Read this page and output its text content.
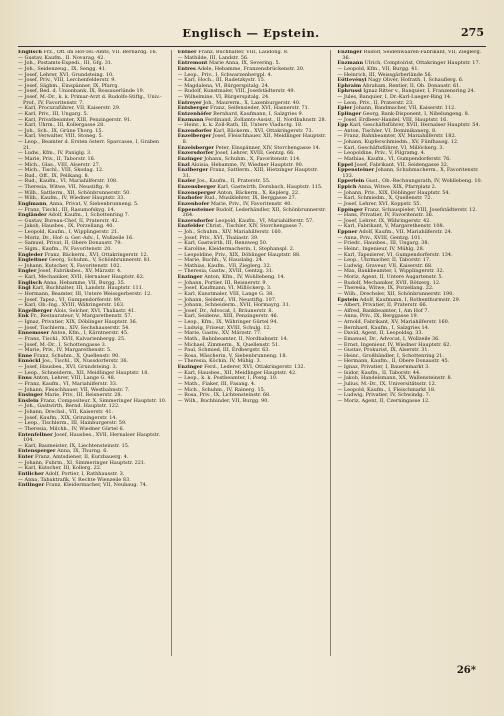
Englisch — Epstein.	275
Englisch Frz., Off. im Hof-Tel.-Amts, VII. Bernardg. 16.
— Gustav, Kaufm., II. Novarag. 42.
— Joh., Postamts-Expedi., III, Gfg. 31.
— Joh., Seidenzeug., IX, Sengg. 41.
— Josef, Lehrer, XVI, Grundsteing. 10.
— Josef, Priv., VIII, Lerchenfelderstr. 9.
— Josef, Sägbm., Einspänner, IX, Pfarrg.
— Josef, Bed. d. Unionbank, IX, Rossauerlände 19.
— Josef, M.-Dr., k. k. Primar-Arzt d. Rudolfs-Stiftg., Univ.-Prof., IV, Favoritenstr. 7.
— Karl, Procuraführer, VII, Kaiserstr. 29.
— Karl, Priv., III, Ungarg. 5.
— Karl, Privatbeamter, XIII, Penzingerstr. 91.
— Karl, Uhrm., III, Kollergasse 28.
— Joh., Sch., IX, Grüne Thorg. 15.
— Karl, Verwalter, VIII, Stoneg. 5.
— Leop., Beamter d. Ersten österr. Sparcasse, I, Graben 21.
— Ludw., Kfm., IV, Paniglg. 3.
— Marie, Priv., II, Taborstr. 16.
— Mich., Glas., VIII, Alserstr. 27.
— Mich., Tischl., VIII, Skodag. 12.
— Rud., Off., IX, Pelikang. 8.
— Rud., Kaufm., VI, Mariahilferstr. 108.
— Theresia, Witwe, VII, Neustiftg. 9.
— Wilh., Sattlerm., XII, Schönbrunnerstr. 50.
— Wilh., Kaufm., IV, Wiedner Hauptstr. 33.
Englmann, Anna, Privat, V, Siebenbrunneng. 5.
— Franz, Tischl., III, Rasumofskyg. 14.
Engländer Adolf, Kaufm., I, Schottenring 7.
— Gustav, Bureau-Chef, II, Praterstr. 42.
— Jakob, Hausbes., IX, Porzellang. 40.
— Leopold, Kaufm., I, Wipplingerstr. 21.
— Moriz, Dr., Hof- u. Ger.-Adv., I, Wollzeile 16.
— Samuel, Privat, II, Obere Donaustr. 79.
— Sigm., Kaufm., IV, Favoritenstr. 20.
Engleder Franz, Bäckerm., XVI, Ottakringerstr. 12.
Engleitner Georg, Schuhm., V, Schönbrunnerstr. 81.
— Johann, Kutscher, X, Favoritenstr. 102.
Engler Josef, Fabriksbes., XV, Märzstr. 4.
— Karl, Mechaniker, XVII, Hernalser Hauptstr. 62.
Englisch Anna, Hebamme, VII, Burgg. 35.
Engl Karl, Buchhalter, III, Landstr. Hauptstr. 111.
— Hermann, Beamter, III, Untere Weissgerberstr. 12.
— Josef, Tapez., VI, Gumpendorferstr. 89.
— Karl, Ob.-Ing., XVIII, Währingerstr. 163.
Engelberger Alois, Selcher, XVI, Thaliastr. 41.
Enk Fr., Restaurateur, V, Margarethenstr. 57.
— Ignaz, Privatier, XIX, Döblinger Hauptstr. 36.
— Josef, Tischlerm., XIV, Sechshauserstr. 54.
Ennemoser Anton, Kfm., I, Kärntnerstr. 45.
— Franz, Tischl., XVII, Kalvarienbergg. 25.
— Josef, M.-Dr., I, Schottengasse 3.
— Marie, Priv., IV, Margarethenstr. 5.
Enne Franz, Schuhm., X, Quellenstr. 90.
Ennöckl Jos., Tischl., IX, Nussdorferstr. 36.
— Josef, Hausbes., XVI, Grundsteing. 3.
— Leop., Schneiderm., XII, Meidlinger Hauptstr. 18.
Enns Anton, Lehrer, VIII, Lange G. 48.
— Franz, Kaufm., VI, Mariahilferstr. 33.
— Johann, Fleischhauer, VII, Westbahnstr. 7.
Ensinger Marie, Priv., III, Reisnerstr. 28.
Enslein Franz, Compositeur, X, Simmeringer Hauptstr. 10.
— Joh., Gastwirth, Bernd. Hauptstr. 122.
— Johann, Drechsl., VII, Kaiserstr. 41.
— Josef, Kaufm., XIX, Grinzingerstr. 14.
— Leop., Tischlerm., III, Hainburgerstr. 59.
— Theresia, Milchh., IV, Wiedner Gürtel 6.
Entenfellner Josef, Hausbes., XVII, Hernalser Hauptstr. 104.
— Karl, Baumeister, IX, Liechtensteinstr. 15.
Entensperger Anna, IX, Thurng. 6.
Enter Franz, Amtsdiener, II, Kurzbauerg. 4.
— Johann, Fuhrm., XI, Simmeringer Hauptstr. 221.
— Karl, Kutscher, III, Kollerg. 22.
Entlicher Adolf, Portier, I, Rathhausstr. 3.
— Anna, Tabaktrafik, V, Rechte Wienzeile 83.
Entlinger Franz, Kleidermacher, VII, Neubaug. 74.
Entner Franz, Buchhalter, VIII, Laudong. 8.
— Mathilde, III, Landstr. 56.
Entremont Marie Anna, IX, Severing. 5.
Entres Adele, Hebamme, Franzensbrückenstr. 20.
— Leop., Priv., I, Schwarzenbergpl. 4.
— Karl, Hoch., III, Radetzkystr. 15.
— Magdalena, VI, Bürgerspitalg. 24.
— Rudolf, Kunstmaler, VIII, Josefstädterstr. 49.
— Wilhelmine, VI, Bürgerspitalg. 24.
Entreyer Joh., Maurerm., X, Laxenburgerstr. 40.
Entsberger Franz, Seifensieder, XVI, Hasnerstr. 71.
Entzenhöfer Bernhard, Kaufmann, I, Salzgries 9.
Enzmann Ferdinand, Zollamts-Assist., II, Nordbahnstr. 28.
— Heinr., k. k. Zoll-Rath, III, Untere Viaductg. 18.
Enzendorfer Karl, Bäckerm., XVI, Ottakringerstr. 73.
Enzelberger Josef, Fleischhauer, XII, Meidlinger Hauptstr. 8.
Enzelsberger Peter, Einspänner, XIV, Storchengasse 14.
Enzersdorfer Josef, Lehrer, XVIII, Gentzg. 66.
Enzinger Johann, Schuhm., X, Favoritenstr. 114.
Enzl Aloisia, Hebamme, IV, Wiedner Hauptstr. 90.
Enzlberger Franz, Sattlerm., XIII, Hietzinger Hauptstr. 31.
Enzler Jos., Kaufm., II, Praterstr. 55.
Enzensberger Karl, Gastwirth, Dornbach, Hauptstr. 115.
Enzensperger Anton, Bäckerm., X, Keplerg. 22.
Enzhofer Rud., Musiklehrer, IX, Berggasse 27.
Enzenhofer Marie, Priv., IV, Favoritenstr. 40.
Eppensteiner Rudolf, Lederhändler, XII, Schönbrunnerstr. 264.
Enzersdorfer Leopold, Kaufm., VI, Mariahilferstr. 57.
Enzfelder Christ., Tischler, XIV, Storchengasse 7.
— Joh., Schuhm., XIV, Mariahilferstr. 160.
— Josef, Priv., XVI, Thaliastr. 39.
— Karl, Gastwirth, III, Rennweg 50.
— Karoline, Kleidermacherin, I, Stephanspl. 2.
— Leopoldine, Priv., XIX, Döblinger Hauptstr. 88.
— Marie, Buchh., V, Hauslabg. 24.
— Mathias, Kaufm., VII, Zieglerg. 32.
— Theresia, Gastw., XVIII, Gentzg. 31.
Enzinger Anton, Kfm., IV, Wohllebeng. 14.
— Johann, Portier, III, Reisnerstr. 9.
— Josef, Kaufmann, VI, Millöckerg. 3.
— Karl, Kunstmaler, VIII, Lange G. 38.
— Johann, Seidenf., VII, Neustiftg. 107.
— Johann, Schneiderm., XVII, Hormayrg. 31.
— Josef, Dr., Advocat, I, Bräunerstr. 8.
— Karl, Seidenw., XIII, Penzingerstr. 46.
— Leop., Kfm., IX, Währinger Gürtel 94.
— Ludwig, Friseur, XVIII, Schulg. 12.
— Marie, Gastw., XV, Märzstr. 77.
— Math., Bahnbeamter, II, Nordbahnstr. 14.
— Michael, Zimmerm., X, Quellenstr. 51.
— Paul, Schmied, III, Erdbergstr. 63.
— Rosa, Wäscherin, V, Siebenbrunneng. 18.
— Theresia, Köchin, IV, Mühlg. 3.
Enzinger Ferd., Lederer, XVI, Ottakringerstr. 132.
— Karl, Hausbes., XII, Meidlinger Hauptstr. 42.
— Leop., k. k. Postbeamter, I, Postg. 10.
— Math., Fiaker, III, Fasang. 4.
— Mich., Schuhm., IV, Rainerg. 15.
— Rosa, Priv., IX, Lichtensteinstr. 68.
— Wilh., Buchbinder, VII, Burgg. 90.
Enzinger Rudolf, Seidenwaaren-Fabrikant, VII, Zieglerg. 36.
Enzmann Ulrich, Comptoirist, Ottakringer Hauptstr. 17.
— Leopold, Kfm., VII, Burgg. 41.
— Heinrich, III, Weissgärberlände 56.
Eöttevényi Nagy Olivér, Hofrath, I, Schauflerg. 6.
Ephraim Abraham, Rentier, II, Ob. Donaustr. 61.
Ephrussi Ignaz Ritter v., Banquier, I, Franzensring 24.
— Jules, Banquier, I, Dr.-Karl-Lueger-Ring 14.
— Leon, Priv., II, Praterstr. 23.
Epler Johann, Bandmacher, VII, Kaiserstr. 112.
Eplinger Georg, Bank-Disponent, I, Nibelungeng. 8.
— Josef, Erdbeer-Handel, VIII, Hauptstr. 16.
Epp Karl, Geschäftsführer, XVII, Hernalser Hauptstr. 54.
— Anton, Tischler, VI, Dominikanerg. 8.
— Franz, Bahnbeamter, XV, Mariahilferstr. 182.
— Johann, Kupferschmiedm., XV, Fünfhausg. 12.
— Karl, Geschäftsführer, VI, Millöckerg. 3.
— Leopoldine, Priv., V, Pilgramg. 4.
— Mathias, Kaufm., VI, Gumpendorferstr. 76.
Eppel Josef, Fabrikant, VII, Seidengasse 32.
Eppensteiner Johann, Schuhmacherm., X, Favoritenstr. 133.
Epperlein Gust., Ob.-Rechnungsrath, IV, Wohllebeng. 10.
Eppich Anna, Witwe, XIX, Pfarrplatz 2.
— Johann, Priv., XIX, Döblinger Hauptstr. 54.
— Karl, Schmiedm., X, Quellenstr. 72.
— Josef, Lehrer, XVI, Koppstr. 55.
Eppinger Franz, Schauspieler, VIII, Josefstädterstr. 12.
— Hans, Privatier, IV, Favoritenstr. 36.
— Josef, Lehrer, IX, Währingerstr. 42.
— Karl, Fabrikant, V, Margarethenstr. 108.
Eppner Adolf, Kaufm., VII, Mariahilferstr. 24.
— Anna, Priv., XVIII, Gentzg. 101.
— Friedr., Hausbes., III, Ungarg. 38.
— Heinr., Ingenieur, IV, Mühlg. 28.
— Karl, Tapezierer, VI, Gumpendorferstr. 134.
— Leop., Uhrmacher, II, Taborstr. 17.
— Ludwig, Graveur, VII, Kaiserstr. 68.
— Max, Bankbeamter, I, Wipplingerstr. 32.
— Moriz, Agent, II, Untere Augartenstr. 5.
— Rudolf, Mechaniker, XVII, Rötzerg. 12.
— Theresia, Witwe, IX, Porzellang. 22.
— Wilh., Drechsler, XII, Schönbrunnerstr. 190.
Epstein Adolf, Kaufmann, I, Rothenthurmstr. 29.
— Albert, Privatier, II, Praterstr. 66.
— Alfred, Bankbeamter, I, Am Hof 7.
— Anna, Priv., IX, Berggasse 19.
— Arnold, Fabrikant, XV, Mariahilferstr. 160.
— Bernhard, Kaufm., I, Salzgries 14.
— David, Agent, II, Leopoldsg. 33.
— Emanuel, Dr., Advocat, I, Wollzeile 36.
— Ernst, Ingenieur, IV, Wiedner Hauptstr. 62.
— Gustav, Prokurist, IX, Alserstr. 31.
— Heinr., Großhändler, I, Schottenring 21.
— Hermann, Kaufm., II, Obere Donaustr. 45.
— Ignaz, Privatier, I, Bauernmarkt 3.
— Isidor, Kaufm., II, Taborstr. 44.
— Jakob, Handelsmann, XX, Wallensteinstr. 8.
— Julius, M.-Dr., IX, Universitätsstr. 12.
— Leopold, Kaufm., I, Fleischmarkt 18.
— Ludwig, Privatier, IV, Schwindg. 7.
— Moriz, Agent, II, Czerningasse 12.
26*
